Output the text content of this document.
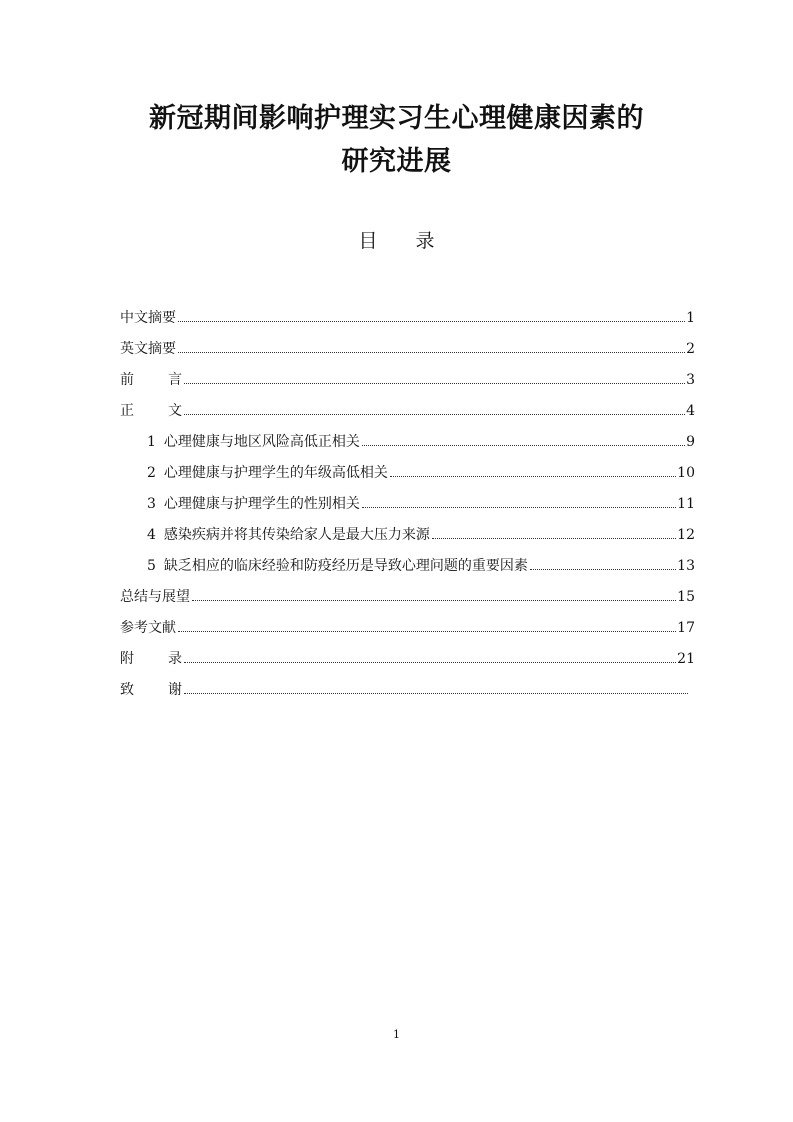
新冠期间影响护理实习生心理健康因素的
研究进展
目 录
中文摘要	1
英文摘要	2
前 言	3
正 文	4
1 心理健康与地区风险高低正相关	9
2 心理健康与护理学生的年级高低相关	10
3 心理健康与护理学生的性别相关	11
4 感染疾病并将其传染给家人是最大压力来源	12
5 缺乏相应的临床经验和防疫经历是导致心理问题的重要因素	13
总结与展望	15
参考文献	17
附 录	21
致 谢
1
